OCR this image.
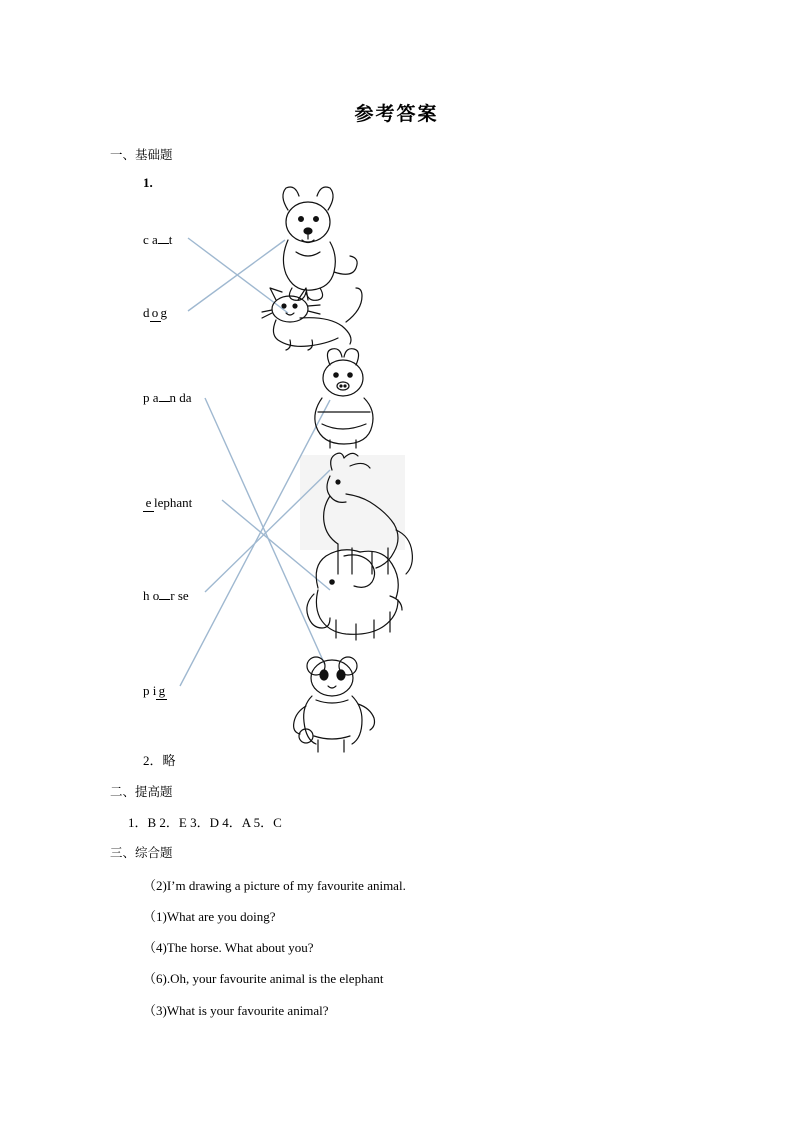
参考答案
一、基础题
1.
c a t
d o g
p a n da
e lephant
h o r se
p i g
2．略
二、提高题
1．B 2．E 3．D 4．A 5．C
三、综合题
（2)I’m drawing a picture of my favourite animal.
（1)What are you doing?
（4)The horse. What about you?
（6).Oh, your favourite animal is the elephant
（3)What is your favourite animal?
